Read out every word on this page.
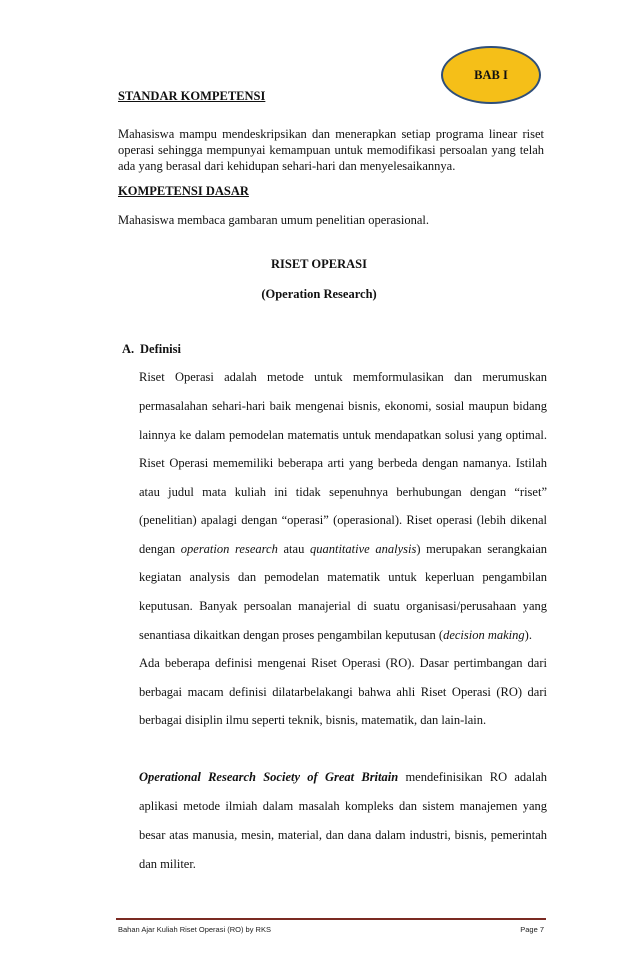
BAB I
STANDAR KOMPETENSI
Mahasiswa mampu mendeskripsikan dan menerapkan setiap programa linear riset
operasi sehingga mempunyai kemampuan untuk memodifikasi persoalan yang telah
ada yang berasal dari kehidupan sehari-hari dan menyelesaikannya.
KOMPETENSI DASAR
Mahasiswa membaca gambaran umum penelitian operasional.
RISET OPERASI
(Operation Research)
A. Definisi
Riset Operasi adalah metode untuk memformulasikan dan merumuskan
permasalahan sehari-hari baik mengenai bisnis, ekonomi, sosial maupun bidang
lainnya ke dalam pemodelan matematis untuk mendapatkan solusi yang optimal.
Riset Operasi mememiliki beberapa arti yang berbeda dengan namanya. Istilah
atau judul mata kuliah ini tidak sepenuhnya berhubungan dengan “riset”
(penelitian) apalagi dengan “operasi” (operasional). Riset operasi (lebih dikenal
dengan operation research atau quantitative analysis) merupakan serangkaian
kegiatan analysis dan pemodelan matematik untuk keperluan pengambilan
keputusan. Banyak persoalan manajerial di suatu organisasi/perusahaan yang
senantiasa dikaitkan dengan proses pengambilan keputusan (decision making).
Ada beberapa definisi mengenai Riset Operasi (RO). Dasar pertimbangan dari
berbagai macam definisi dilatarbelakangi bahwa ahli Riset Operasi (RO) dari
berbagai disiplin ilmu seperti teknik, bisnis, matematik, dan lain-lain.
Operational Research Society of Great Britain mendefinisikan RO adalah
aplikasi metode ilmiah dalam masalah kompleks dan sistem manajemen yang
besar atas manusia, mesin, material, dan dana dalam industri, bisnis, pemerintah
dan militer.
Bahan Ajar Kuliah Riset Operasi (RO) by RKS	Page 7
